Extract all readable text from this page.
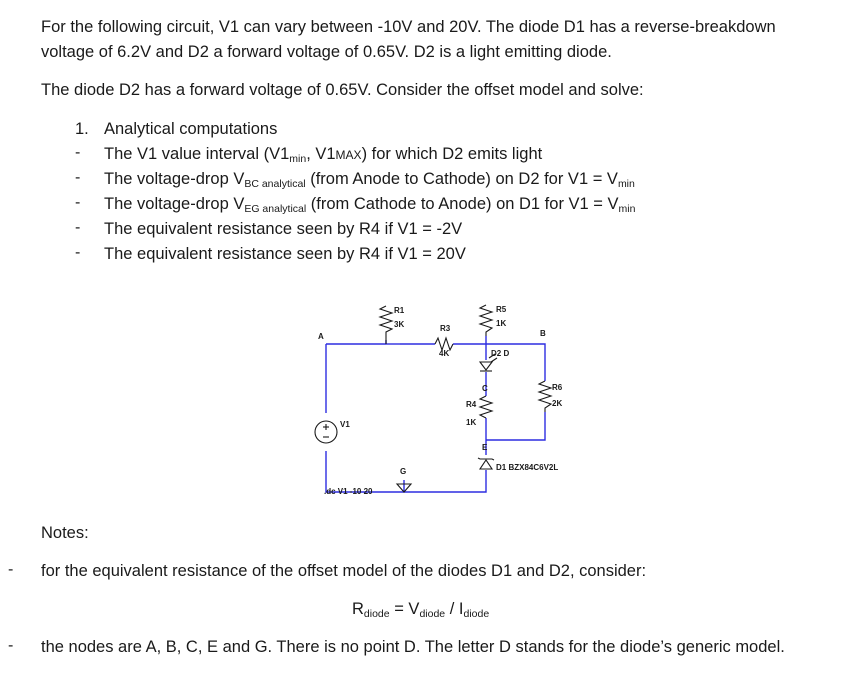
For the following circuit, V1 can vary between -10V and 20V. The diode D1 has a reverse-breakdown
voltage of 6.2V and D2 a forward voltage of 0.65V. D2 is a light emitting diode.
The diode D2 has a forward voltage of 0.65V. Consider the offset model and solve:
1. Analytical computations
- The V1 value interval ($V1_{min}$, V1MAX) for which D2 emits light
- The voltage-drop $V_{BC analytical}$ (from Anode to Cathode) on D2 for $V1 = V_{min}$
- The voltage-drop $V_{EG analytical}$ (from Cathode to Anode) on D1 for $V1 = V_{min}$
- The equivalent resistance seen by R4 if V1 = -2V
- The equivalent resistance seen by R4 if V1 = 20V
A	B
C
E
G
R1
3K	R3
4K
R5
1K
R4
1K
R6
2K
D2 D
D1 BZX84C6V2L
V1
.dc V1 -10 20
Notes:
- for the equivalent resistance of the offset model of the diodes D1 and D2, consider:
$R_{diode} = V_{diode} / I_{diode}$
- the nodes are A, B, C, E and G. There is no point D. The letter D stands for the diode’s generic model.
